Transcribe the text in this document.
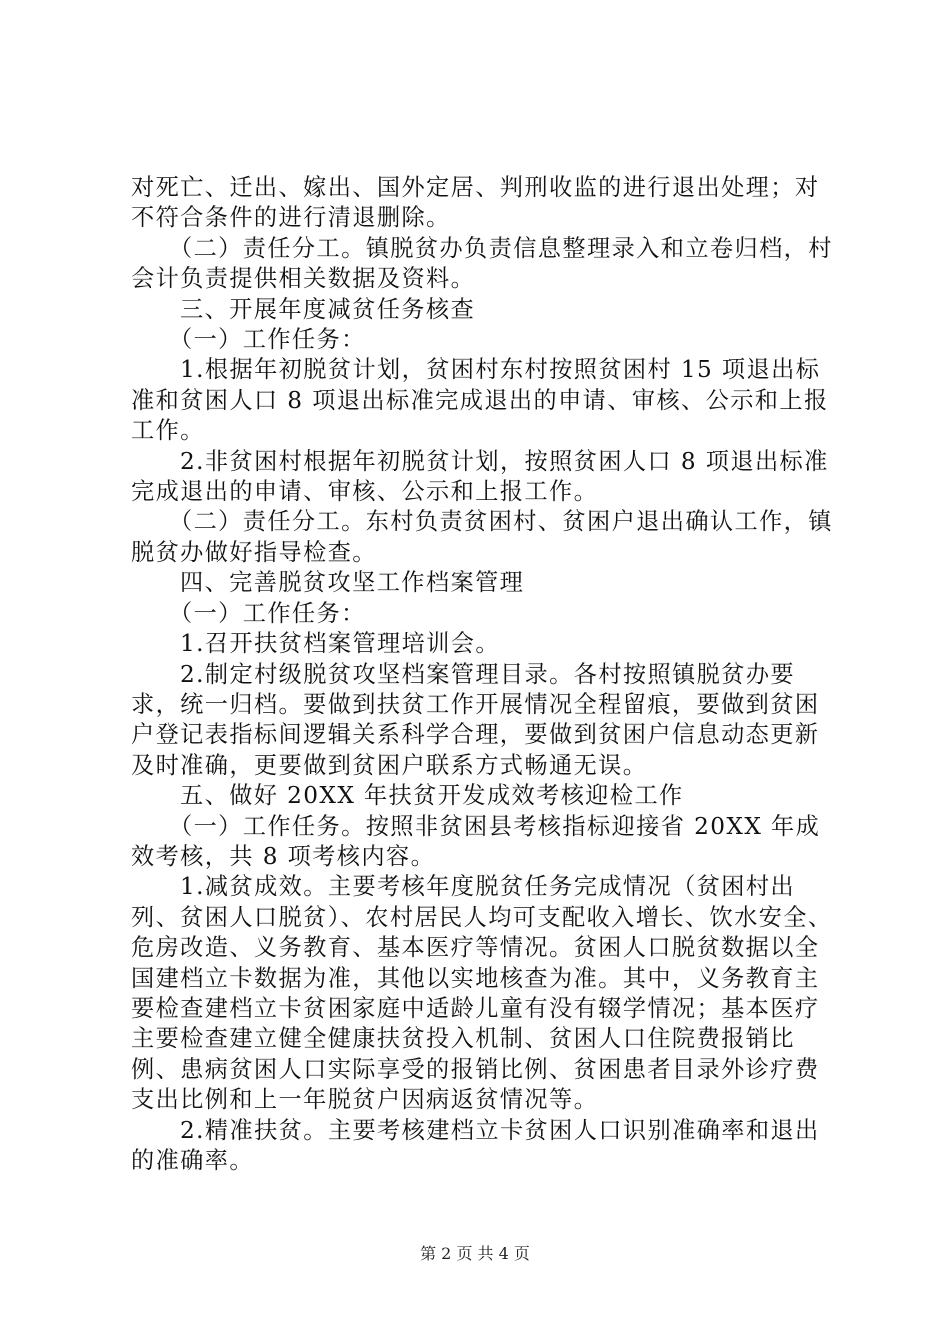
对死亡、迁出、嫁出、国外定居、判刑收监的进行退出处理；对不符合条件的进行清退删除。

（二）责任分工。镇脱贫办负责信息整理录入和立卷归档，村会计负责提供相关数据及资料。

三、开展年度减贫任务核查

（一）工作任务：

1.根据年初脱贫计划，贫困村东村按照贫困村 15 项退出标准和贫困人口 8 项退出标准完成退出的申请、审核、公示和上报工作。

2.非贫困村根据年初脱贫计划，按照贫困人口 8 项退出标准完成退出的申请、审核、公示和上报工作。

（二）责任分工。东村负责贫困村、贫困户退出确认工作，镇脱贫办做好指导检查。

四、完善脱贫攻坚工作档案管理

（一）工作任务：

1.召开扶贫档案管理培训会。

2.制定村级脱贫攻坚档案管理目录。各村按照镇脱贫办要求，统一归档。要做到扶贫工作开展情况全程留痕，要做到贫困户登记表指标间逻辑关系科学合理，要做到贫困户信息动态更新及时准确，更要做到贫困户联系方式畅通无误。

五、做好 20XX 年扶贫开发成效考核迎检工作

（一）工作任务。按照非贫困县考核指标迎接省 20XX 年成效考核，共 8 项考核内容。

1.减贫成效。主要考核年度脱贫任务完成情况（贫困村出列、贫困人口脱贫）、农村居民人均可支配收入增长、饮水安全、危房改造、义务教育、基本医疗等情况。贫困人口脱贫数据以全国建档立卡数据为准，其他以实地核查为准。其中，义务教育主要检查建档立卡贫困家庭中适龄儿童有没有辍学情况；基本医疗主要检查建立健全健康扶贫投入机制、贫困人口住院费报销比例、患病贫困人口实际享受的报销比例、贫困患者目录外诊疗费支出比例和上一年脱贫户因病返贫情况等。

2.精准扶贫。主要考核建档立卡贫困人口识别准确率和退出的准确率。

第 2 页 共 4 页
